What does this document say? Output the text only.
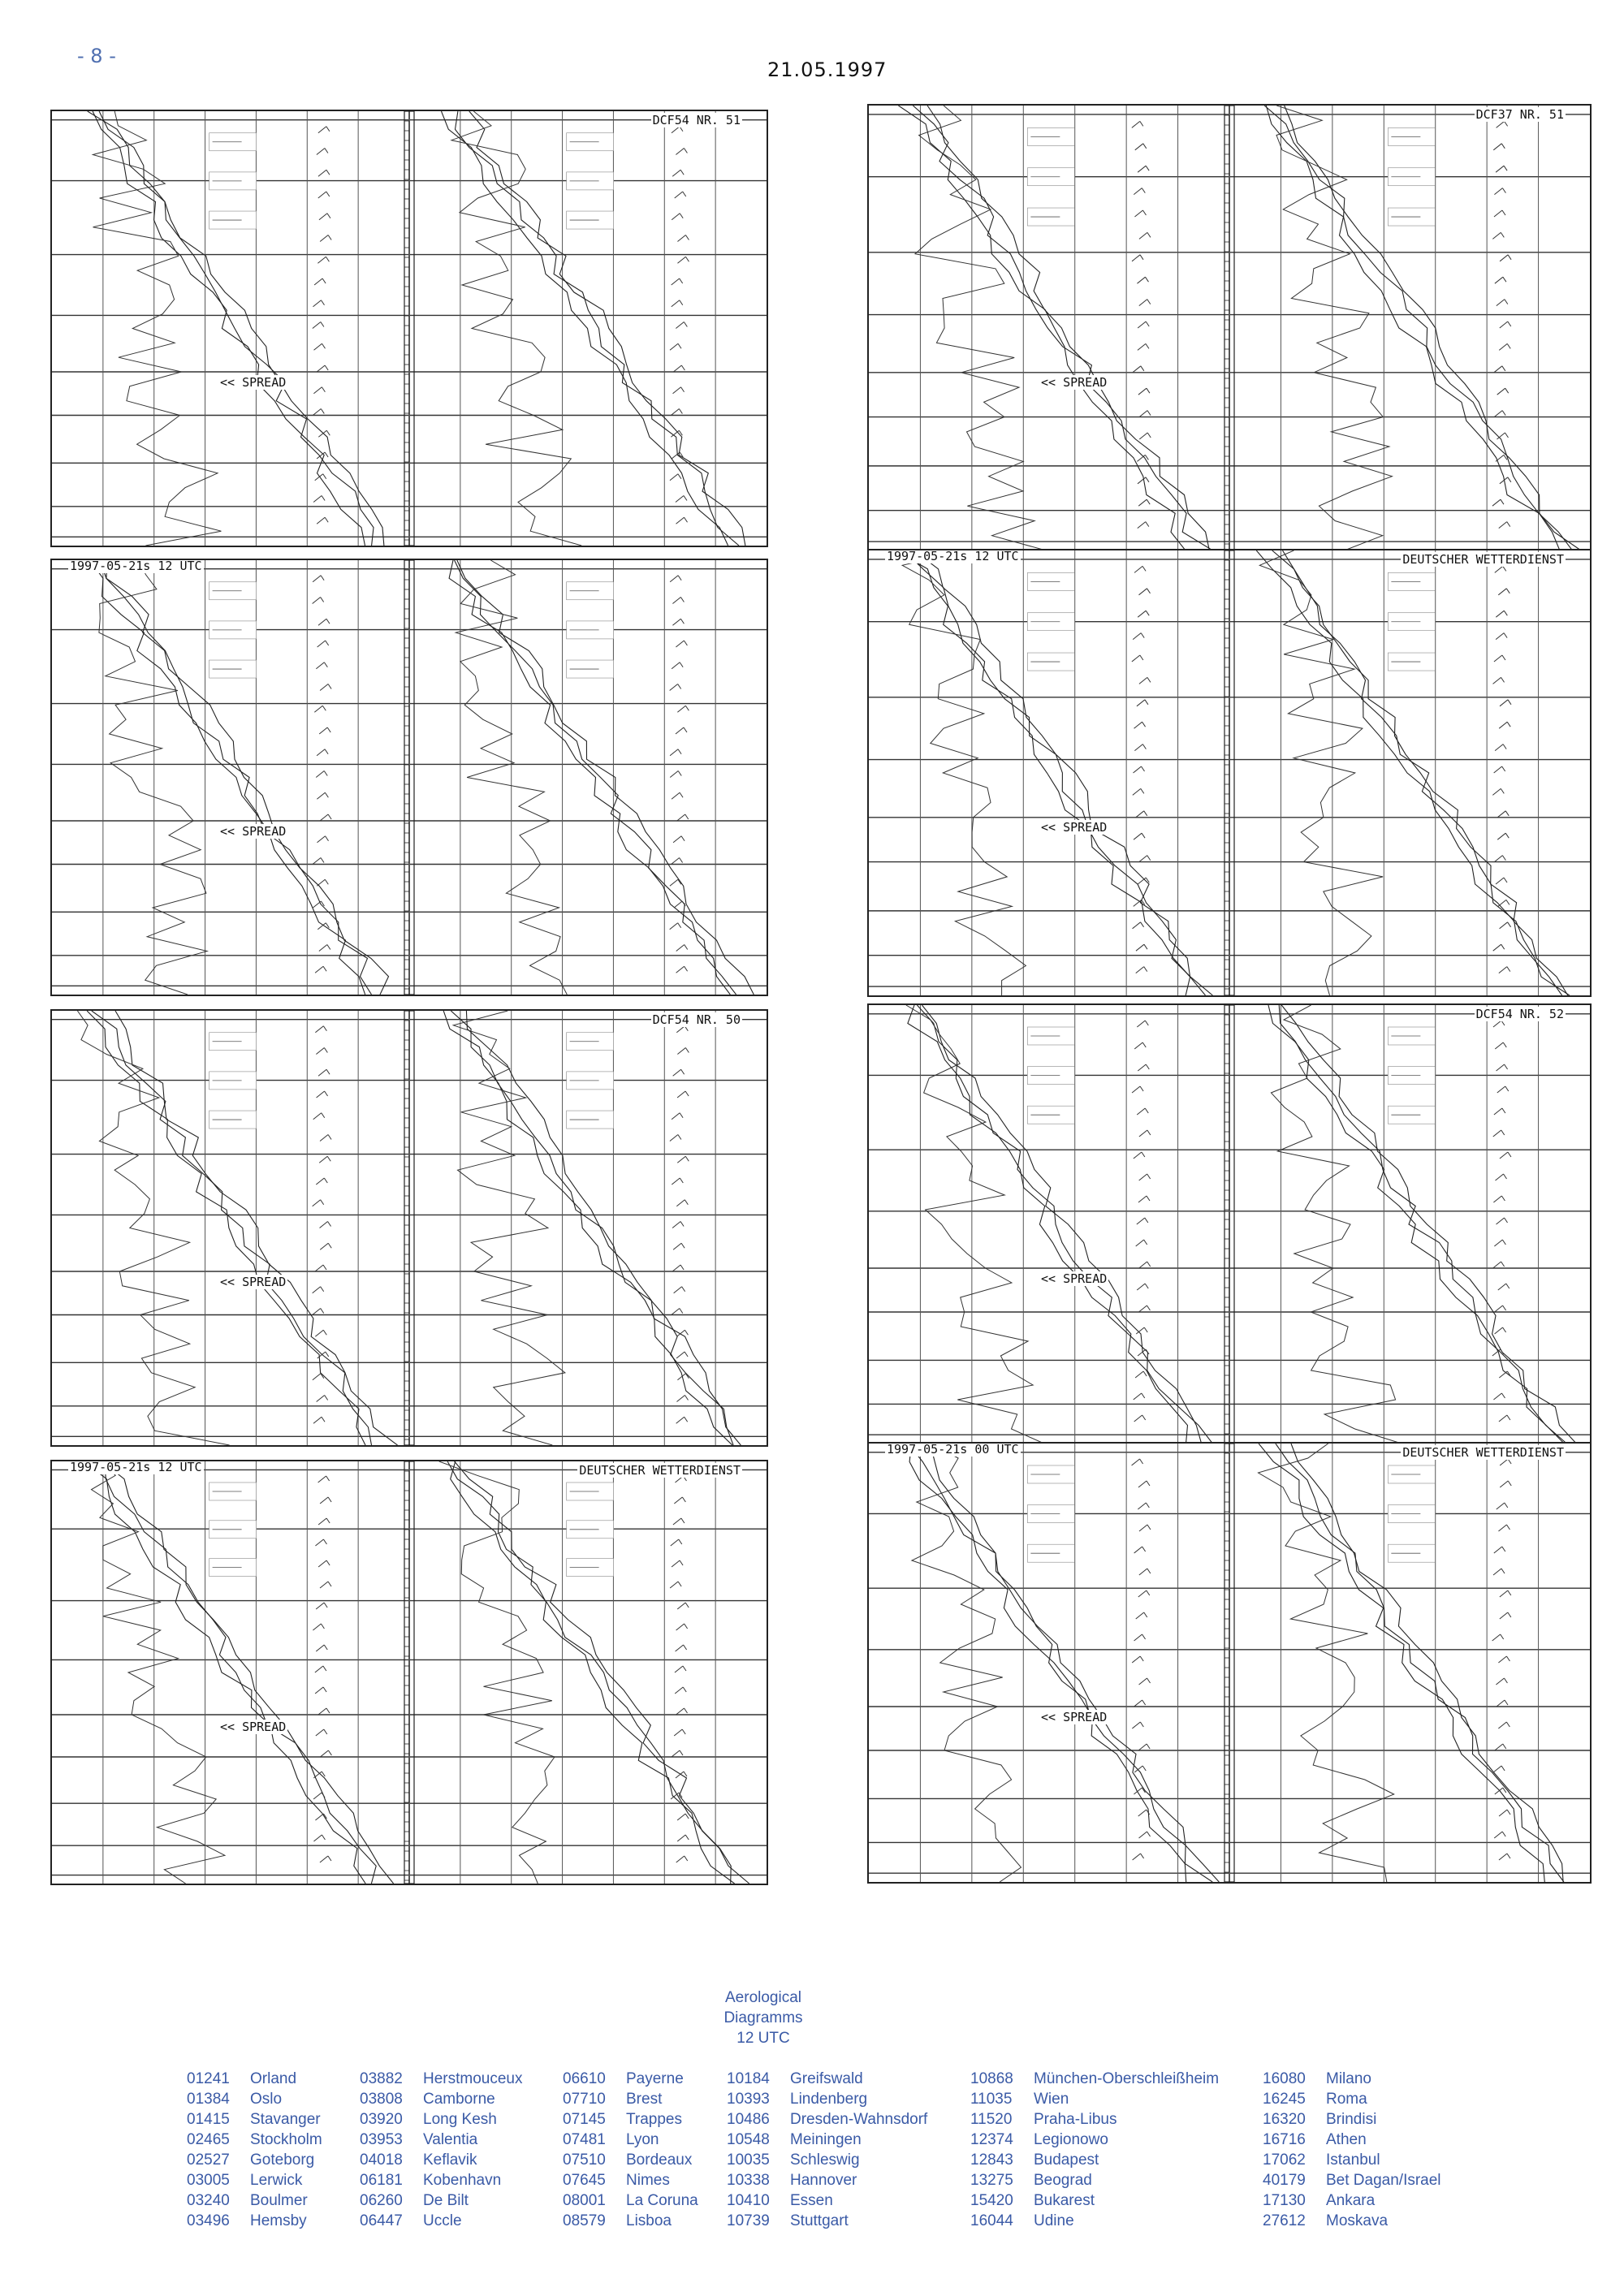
- 8 -
21.05.1997
DCF54 NR. 51
<< SPREAD
1997-05-21s 12 UTC
<< SPREAD
DCF54 NR. 50
<< SPREAD
1997-05-21s 12 UTC	DEUTSCHER WETTERDIENST
<< SPREAD
DCF37 NR. 51
<< SPREAD
1997-05-21s 12 UTC	DEUTSCHER WETTERDIENST
<< SPREAD
DCF54 NR. 52
<< SPREAD
1997-05-21s 00 UTC	DEUTSCHER WETTERDIENST
<< SPREAD
Aerological
Diagramms
12 UTC
01241	Orland
01384	Oslo
01415	Stavanger
02465	Stockholm
02527	Goteborg
03005	Lerwick
03240	Boulmer
03496	Hemsby
03882	Herstmouceux
03808	Camborne
03920	Long Kesh
03953	Valentia
04018	Keflavik
06181	Kobenhavn
06260	De Bilt
06447	Uccle
06610	Payerne
07710	Brest
07145	Trappes
07481	Lyon
07510	Bordeaux
07645	Nimes
08001	La Coruna
08579	Lisboa
10184	Greifswald
10393	Lindenberg
10486	Dresden-Wahnsdorf
10548	Meiningen
10035	Schleswig
10338	Hannover
10410	Essen
10739	Stuttgart
10868	München-Oberschleißheim
11035	Wien
11520	Praha-Libus
12374	Legionowo
12843	Budapest
13275	Beograd
15420	Bukarest
16044	Udine
16080	Milano
16245	Roma
16320	Brindisi
16716	Athen
17062	Istanbul
40179	Bet Dagan/Israel
17130	Ankara
27612	Moskava
